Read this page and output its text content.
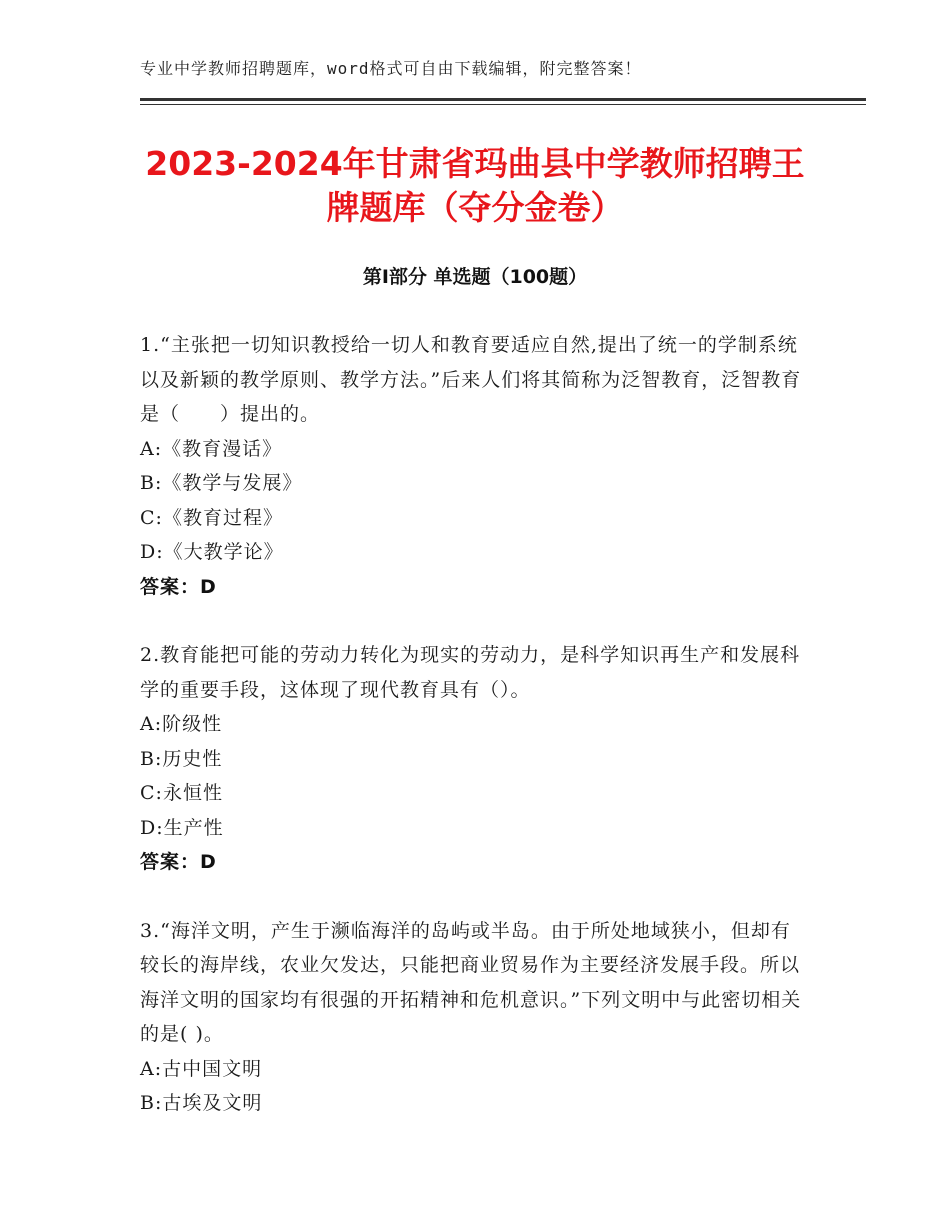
专业中学教师招聘题库，word格式可自由下载编辑，附完整答案！
2023-2024年甘肃省玛曲县中学教师招聘王牌题库（夺分金卷）
第Ⅰ部分 单选题（100题）

1.“主张把一切知识教授给一切人和教育要适应自然,提出了统一的学制系统以及新颖的教学原则、教学方法。”后来人们将其简称为泛智教育，泛智教育是（　　）提出的。

A:《教育漫话》

B:《教学与发展》

C:《教育过程》

D:《大教学论》

答案：D

2.教育能把可能的劳动力转化为现实的劳动力，是科学知识再生产和发展科学的重要手段，这体现了现代教育具有（）。

A:阶级性

B:历史性

C:永恒性

D:生产性

答案：D

3.“海洋文明，产生于濒临海洋的岛屿或半岛。由于所处地域狭小，但却有较长的海岸线，农业欠发达，只能把商业贸易作为主要经济发展手段。所以海洋文明的国家均有很强的开拓精神和危机意识。”下列文明中与此密切相关的是( )。

A:古中国文明

B:古埃及文明
